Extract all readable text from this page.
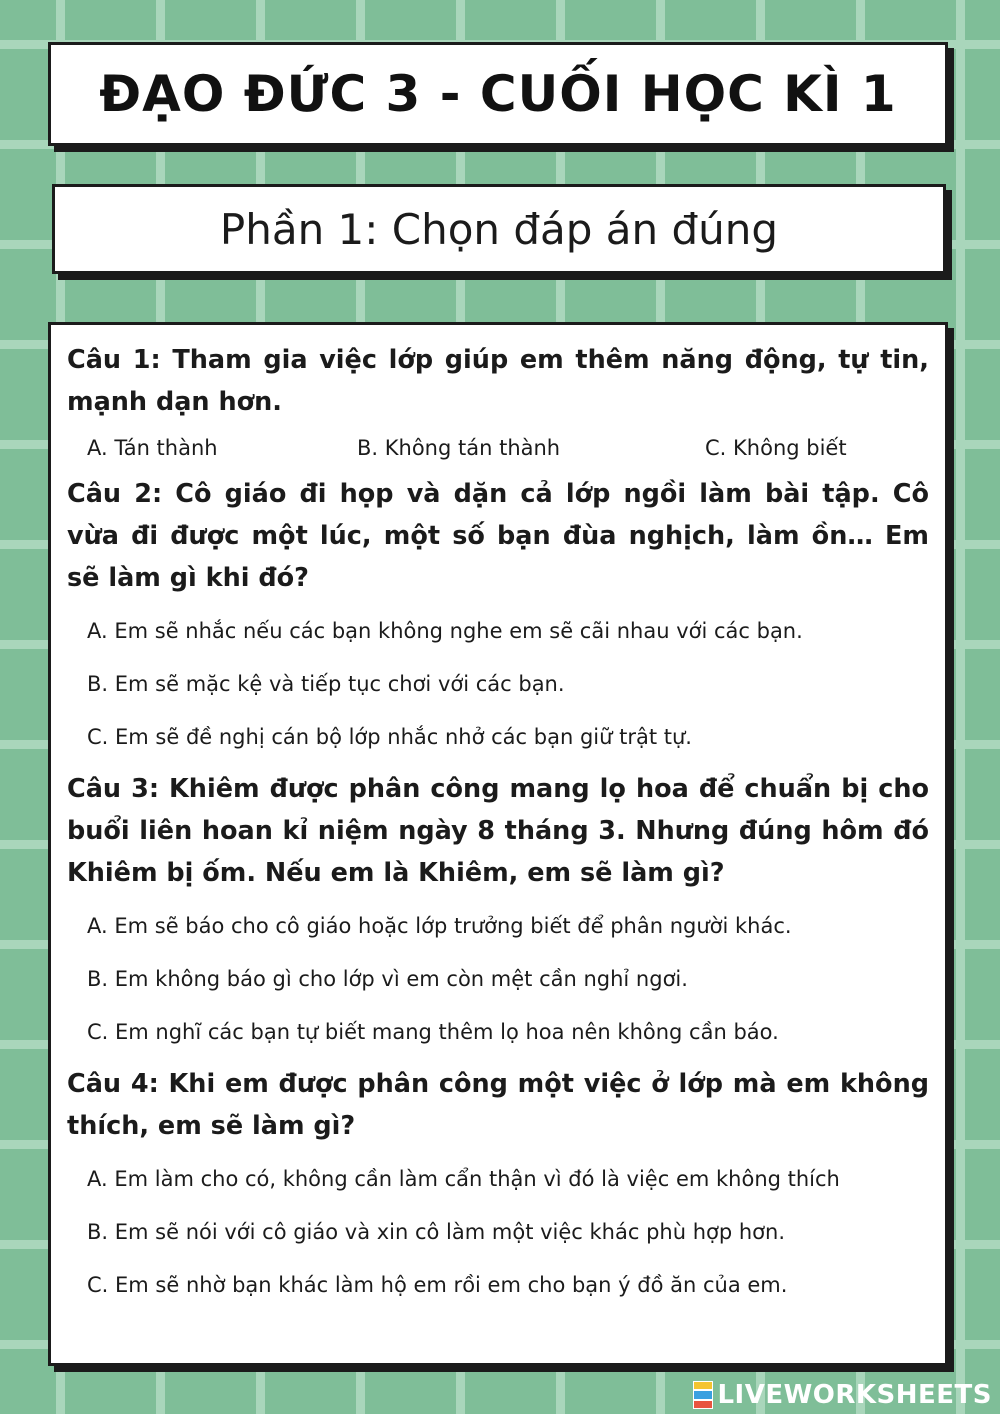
ĐẠO ĐỨC 3 - CUỐI HỌC KÌ 1
Phần 1: Chọn đáp án đúng

Câu 1: Tham gia việc lớp giúp em thêm năng động, tự tin, mạnh dạn hơn.

A. Tán thành	B. Không tán thành	C. Không biết

Câu 2: Cô giáo đi họp và dặn cả lớp ngồi làm bài tập. Cô vừa đi được một lúc, một số bạn đùa nghịch, làm ồn… Em sẽ làm gì khi đó?

A. Em sẽ nhắc nếu các bạn không nghe em sẽ cãi nhau với các bạn.
B. Em sẽ mặc kệ và tiếp tục chơi với các bạn.
C. Em sẽ đề nghị cán bộ lớp nhắc nhở các bạn giữ trật tự.

Câu 3: Khiêm được phân công mang lọ hoa để chuẩn bị cho buổi liên hoan kỉ niệm ngày 8 tháng 3. Nhưng đúng hôm đó Khiêm bị ốm. Nếu em là Khiêm, em sẽ làm gì?

A. Em sẽ báo cho cô giáo hoặc lớp trưởng biết để phân người khác.
B. Em không báo gì cho lớp vì em còn mệt cần nghỉ ngơi.
C. Em nghĩ các bạn tự biết mang thêm lọ hoa nên không cần báo.

Câu 4: Khi em được phân công một việc ở lớp mà em không thích, em sẽ làm gì?

A. Em làm cho có, không cần làm cẩn thận vì đó là việc em không thích
B. Em sẽ nói với cô giáo và xin cô làm một việc khác phù hợp hơn.
C. Em sẽ nhờ bạn khác làm hộ em rồi em cho bạn ý đồ ăn của em.
LIVEWORKSHEETS
